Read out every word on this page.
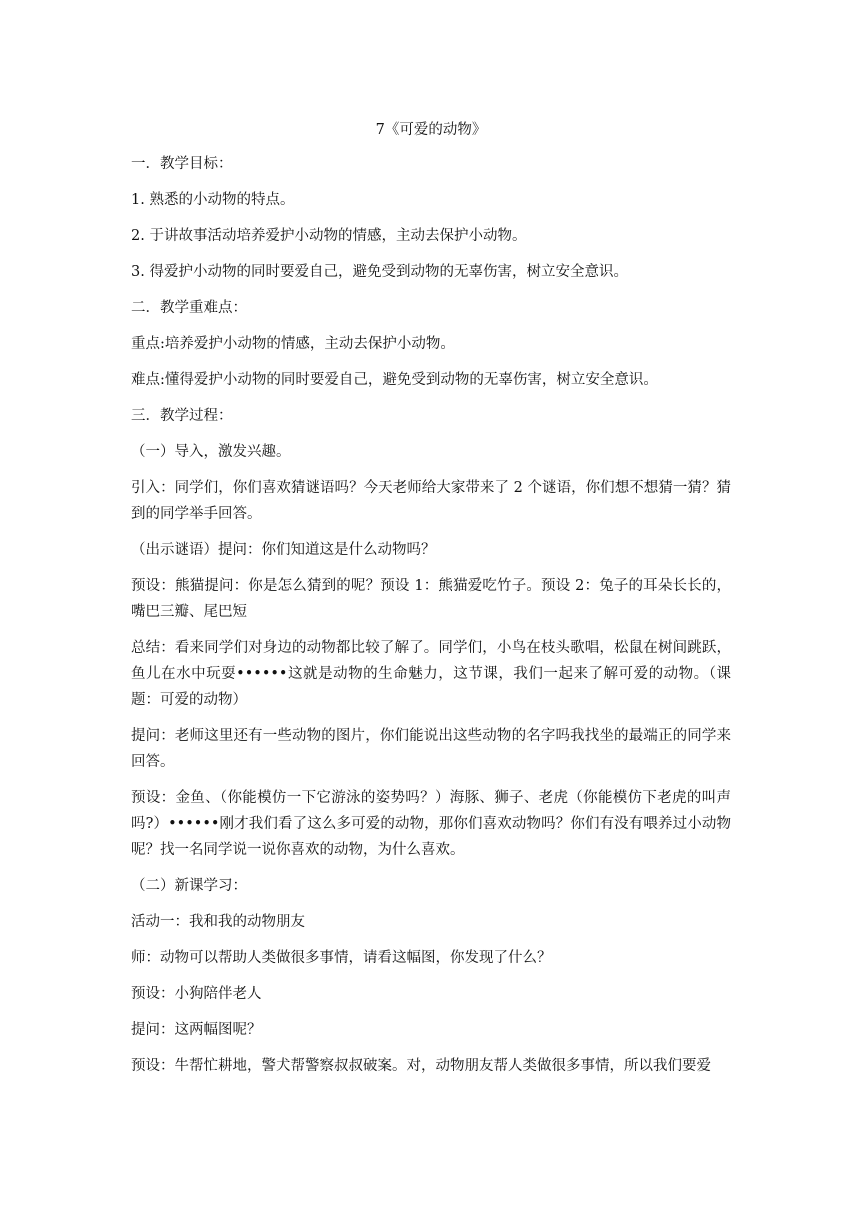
7《可爱的动物》
一．教学目标：
1. 熟悉的小动物的特点。
2. 于讲故事活动培养爱护小动物的情感，主动去保护小动物。
3. 得爱护小动物的同时要爱自己，避免受到动物的无辜伤害，树立安全意识。
二．教学重难点：
重点:培养爱护小动物的情感，主动去保护小动物。
难点:懂得爱护小动物的同时要爱自己，避免受到动物的无辜伤害，树立安全意识。
三．教学过程：
（一）导入，激发兴趣。
引入：同学们，你们喜欢猜谜语吗？今天老师给大家带来了 2 个谜语，你们想不想猜一猜？猜到的同学举手回答。
（出示谜语）提问：你们知道这是什么动物吗？
预设：熊猫提问：你是怎么猜到的呢？预设 1：熊猫爱吃竹子。预设 2：兔子的耳朵长长的，嘴巴三瓣、尾巴短
总结：看来同学们对身边的动物都比较了解了。同学们，小鸟在枝头歌唱，松鼠在树间跳跃，鱼儿在水中玩耍••••••这就是动物的生命魅力，这节课，我们一起来了解可爱的动物。（课题：可爱的动物）
提问：老师这里还有一些动物的图片，你们能说出这些动物的名字吗我找坐的最端正的同学来回答。
预设：金鱼、（你能模仿一下它游泳的姿势吗？）海豚、狮子、老虎（你能模仿下老虎的叫声吗?）••••••刚才我们看了这么多可爱的动物，那你们喜欢动物吗？你们有没有喂养过小动物呢？找一名同学说一说你喜欢的动物，为什么喜欢。
（二）新课学习：
活动一：我和我的动物朋友
师：动物可以帮助人类做很多事情，请看这幅图，你发现了什么？
预设：小狗陪伴老人
提问：这两幅图呢？
预设：牛帮忙耕地，警犬帮警察叔叔破案。对，动物朋友帮人类做很多事情，所以我们要爱
